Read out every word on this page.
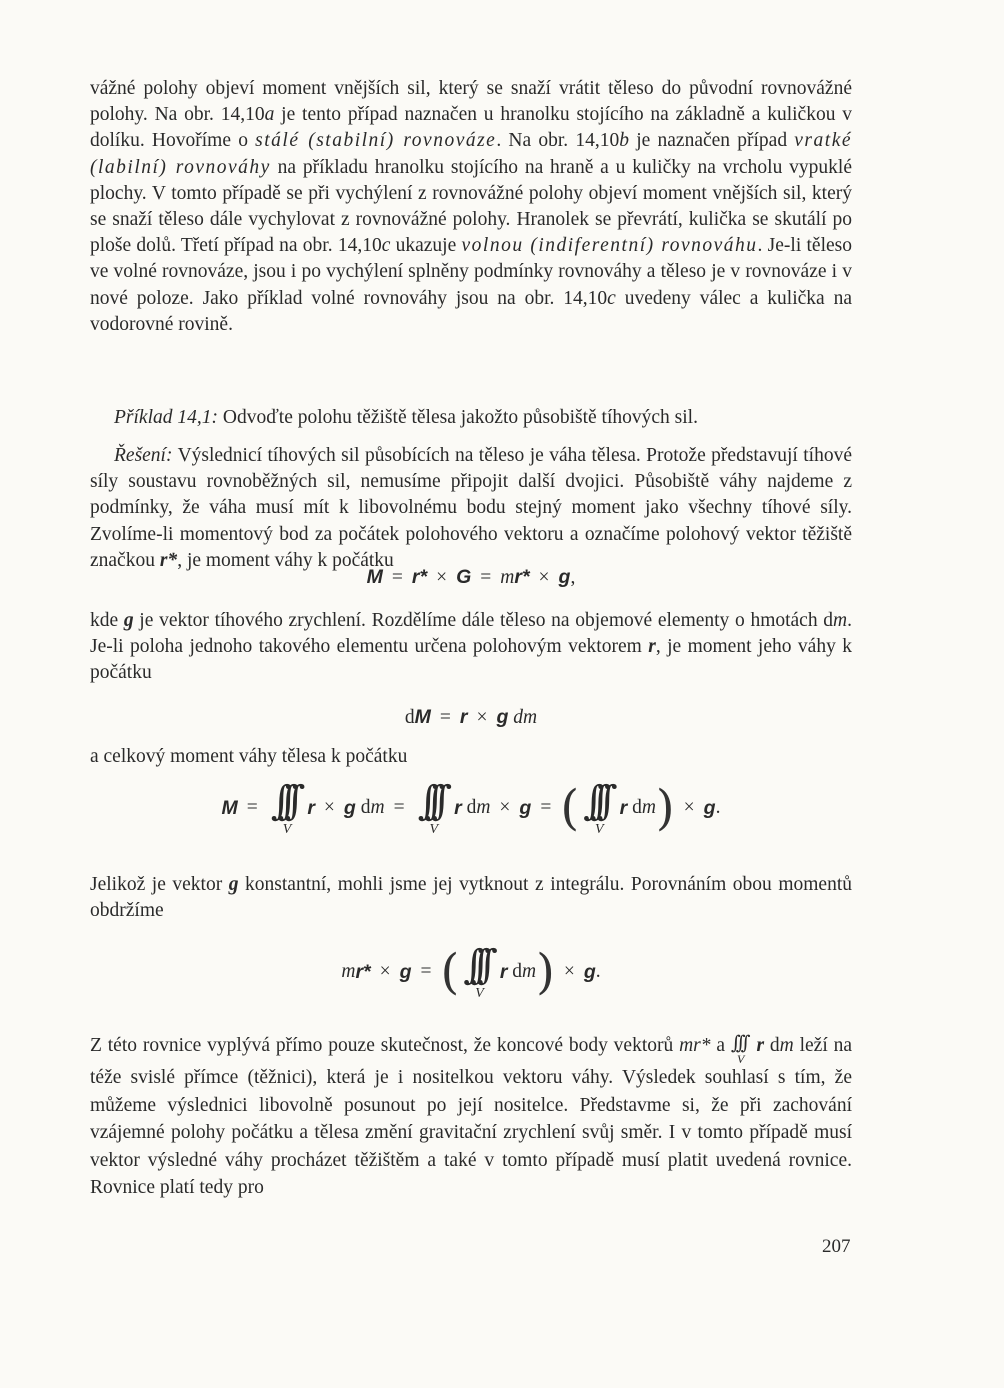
vážné polohy objeví moment vnějších sil, který se snaží vrátit těleso do původní rovnovážné polohy. Na obr. 14,10a je tento případ naznačen u hranolku stojícího na základně a kuličkou v dolíku. Hovoříme o stálé (stabilní) rovnováze. Na obr. 14,10b je naznačen případ vratké (labilní) rovnováhy na příkladu hranolku stojícího na hraně a u kuličky na vrcholu vypuklé plochy. V tomto případě se při vychýlení z rovnovážné polohy objeví moment vnějších sil, který se snaží těleso dále vychylovat z rovnovážné polohy. Hranolek se převrátí, kulička se skutálí po ploše dolů. Třetí případ na obr. 14,10c ukazuje volnou (indiferentní) rovnováhu. Je-li těleso ve volné rovnováze, jsou i po vychýlení splněny podmínky rovnováhy a těleso je v rovnováze i v nové poloze. Jako příklad volné rovnováhy jsou na obr. 14,10c uvedeny válec a kulička na vodorovné rovině.

Příklad 14,1: Odvoďte polohu těžiště tělesa jakožto působiště tíhových sil.

Řešení: Výslednicí tíhových sil působících na těleso je váha tělesa. Protože představují tíhové síly soustavu rovnoběžných sil, nemusíme připojit další dvojici. Působiště váhy najdeme z podmínky, že váha musí mít k libovolnému bodu stejný moment jako všechny tíhové síly. Zvolíme-li momentový bod za počátek polohového vektoru a označíme polohový vektor těžiště značkou r*, je moment váhy k počátku

M = r* × G = m r* × g ,

kde g je vektor tíhového zrychlení. Rozdělíme dále těleso na objemové elementy o hmotách dm. Je-li poloha jednoho takového elementu určena polohovým vektorem r, je moment jeho váhy k počátku

d M = r × g
dm

a celkový moment váhy tělesa k počátku

M = ∫∫∫
V
r × g
d m = ∫∫∫
V
r
d m × g = ( ∫∫∫
V
r
d m ) × g .

Jelikož je vektor g konstantní, mohli jsme jej vytknout z integrálu. Porovnáním obou momentů obdržíme

m r* × g = ( ∫∫∫
V
r
d m ) × g .

Z této rovnice vyplývá přímo pouze skutečnost, že koncové body vektorů mr* a ∫∫∫
V
r dm leží na téže svislé přímce (těžnici), která je i nositelkou vektoru váhy. Výsledek souhlasí s tím, že můžeme výslednici libovolně posunout po její nositelce. Představme si, že při zachování vzájemné polohy počátku a tělesa změní gravitační zrychlení svůj směr. I v tomto případě musí vektor výsledné váhy procházet těžištěm a také v tomto případě musí platit uvedená rovnice. Rovnice platí tedy pro

207
